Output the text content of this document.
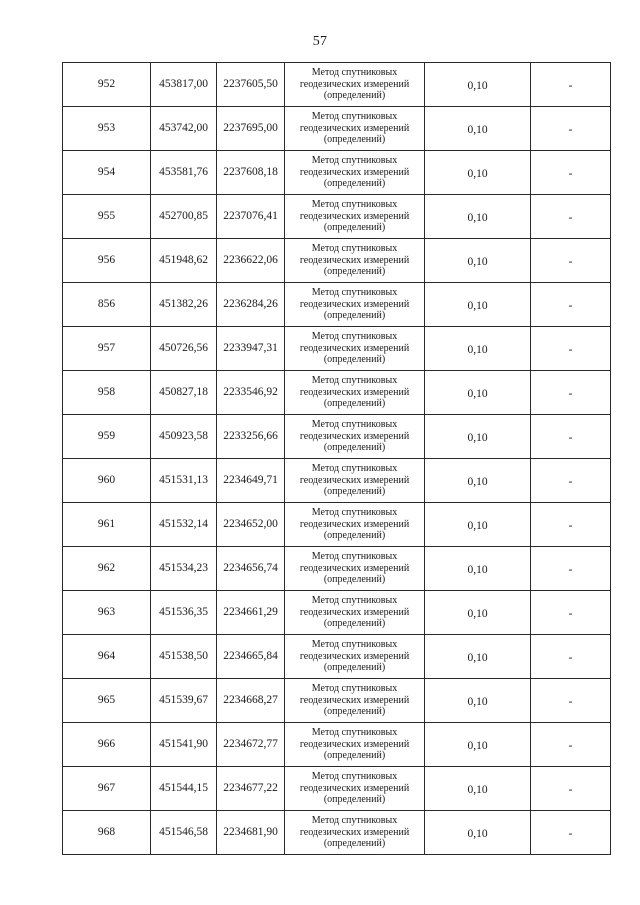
57
952	453817,00	2237605,50	Метод спутниковых
геодезических измерений
(определений)	0,10	-
953	453742,00	2237695,00	Метод спутниковых
геодезических измерений
(определений)	0,10	-
954	453581,76	2237608,18	Метод спутниковых
геодезических измерений
(определений)	0,10	-
955	452700,85	2237076,41	Метод спутниковых
геодезических измерений
(определений)	0,10	-
956	451948,62	2236622,06	Метод спутниковых
геодезических измерений
(определений)	0,10	-
856	451382,26	2236284,26	Метод спутниковых
геодезических измерений
(определений)	0,10	-
957	450726,56	2233947,31	Метод спутниковых
геодезических измерений
(определений)	0,10	-
958	450827,18	2233546,92	Метод спутниковых
геодезических измерений
(определений)	0,10	-
959	450923,58	2233256,66	Метод спутниковых
геодезических измерений
(определений)	0,10	-
960	451531,13	2234649,71	Метод спутниковых
геодезических измерений
(определений)	0,10	-
961	451532,14	2234652,00	Метод спутниковых
геодезических измерений
(определений)	0,10	-
962	451534,23	2234656,74	Метод спутниковых
геодезических измерений
(определений)	0,10	-
963	451536,35	2234661,29	Метод спутниковых
геодезических измерений
(определений)	0,10	-
964	451538,50	2234665,84	Метод спутниковых
геодезических измерений
(определений)	0,10	-
965	451539,67	2234668,27	Метод спутниковых
геодезических измерений
(определений)	0,10	-
966	451541,90	2234672,77	Метод спутниковых
геодезических измерений
(определений)	0,10	-
967	451544,15	2234677,22	Метод спутниковых
геодезических измерений
(определений)	0,10	-
968	451546,58	2234681,90	Метод спутниковых
геодезических измерений
(определений)	0,10	-
